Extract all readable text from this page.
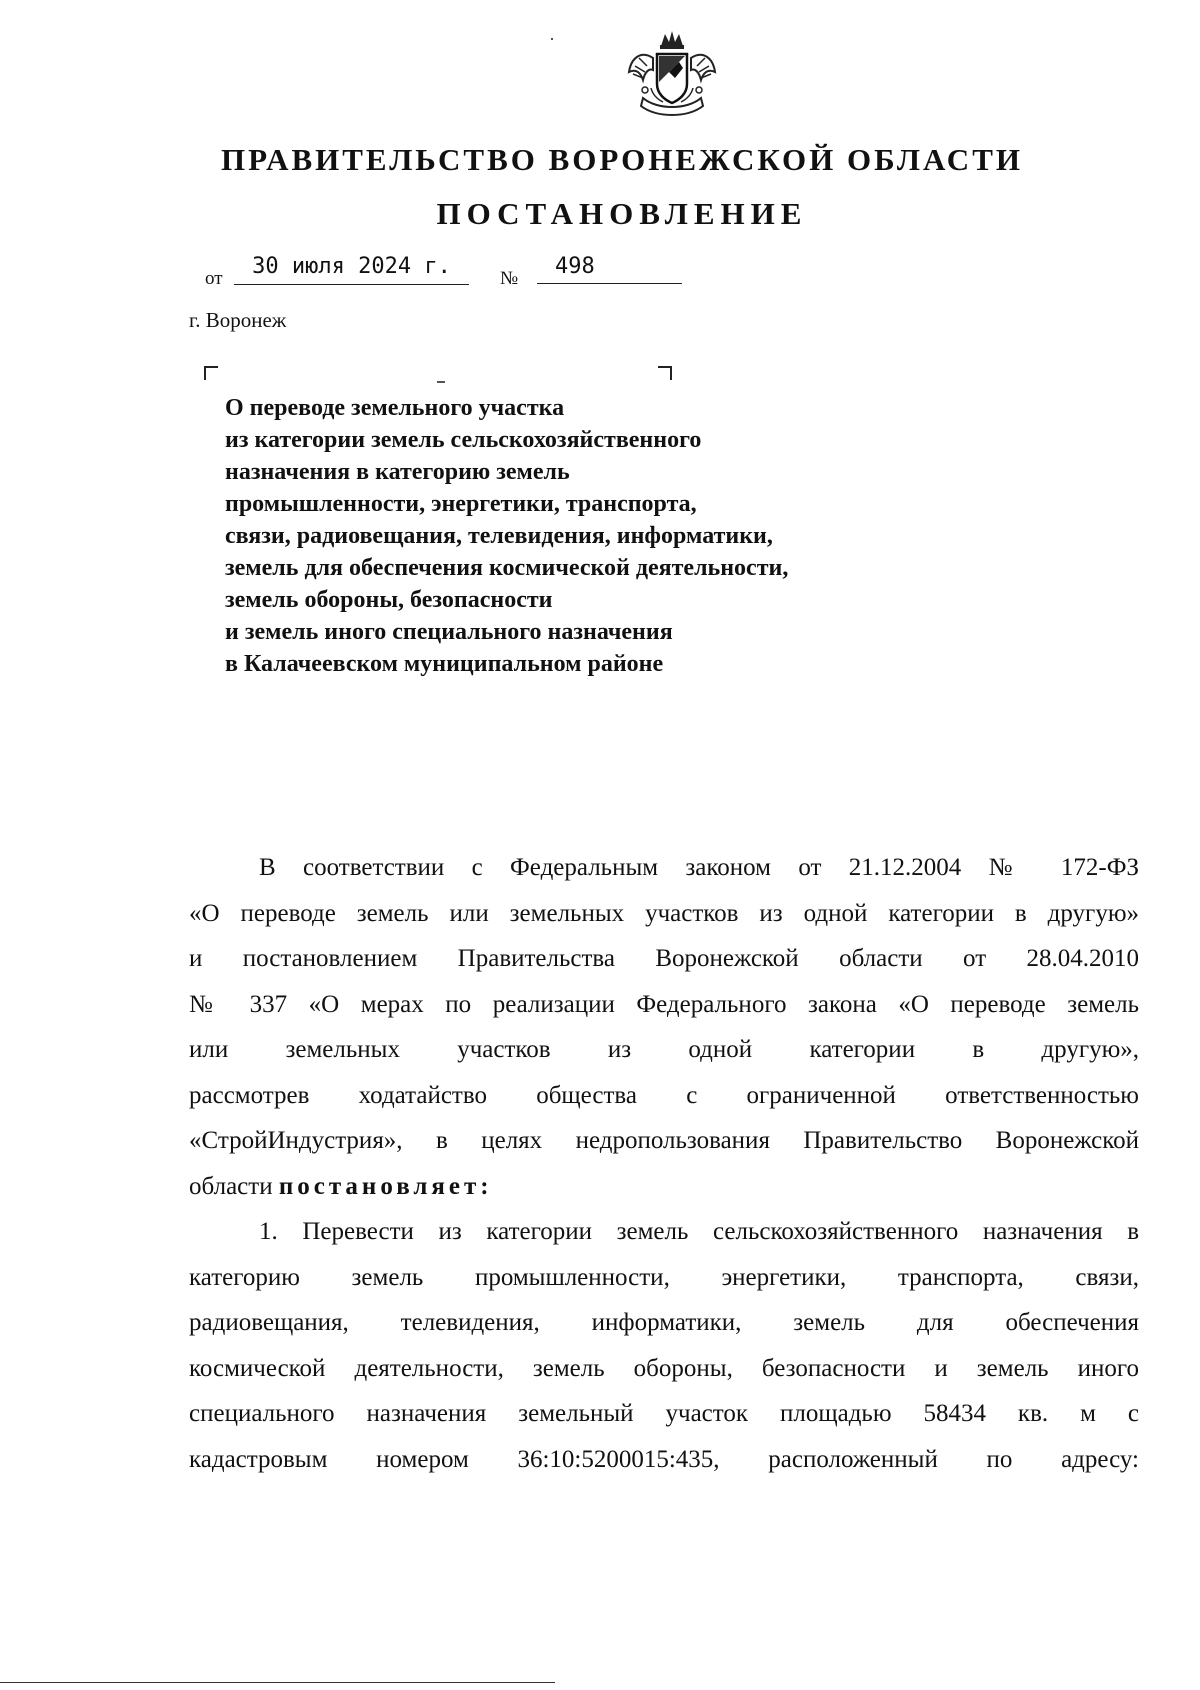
ПРАВИТЕЛЬСТВО ВОРОНЕЖСКОЙ ОБЛАСТИ
ПОСТАНОВЛЕНИЕ
от	30 июля 2024 г.	№	498
г. Воронеж
О переводе земельного участка
из категории земель сельскохозяйственного
назначения в категорию земель
промышленности, энергетики, транспорта,
связи, радиовещания, телевидения, информатики,
земель для обеспечения космической деятельности,
земель обороны, безопасности
и земель иного специального назначения
в Калачеевском муниципальном районе
В соответствии с Федеральным законом от 21.12.2004 № 172-ФЗ
«О переводе земель или земельных участков из одной категории в другую»
и постановлением Правительства Воронежской области от 28.04.2010
№ 337 «О мерах по реализации Федерального закона «О переводе земель
или земельных участков из одной категории в другую»,
рассмотрев ходатайство общества с ограниченной ответственностью
«СтройИндустрия», в целях недропользования Правительство Воронежской
области постановляет:
1. Перевести из категории земель сельскохозяйственного назначения в
категорию земель промышленности, энергетики, транспорта, связи,
радиовещания, телевидения, информатики, земель для обеспечения
космической деятельности, земель обороны, безопасности и земель иного
специального назначения земельный участок площадью 58434 кв. м с
кадастровым номером 36:10:5200015:435, расположенный по адресу:
